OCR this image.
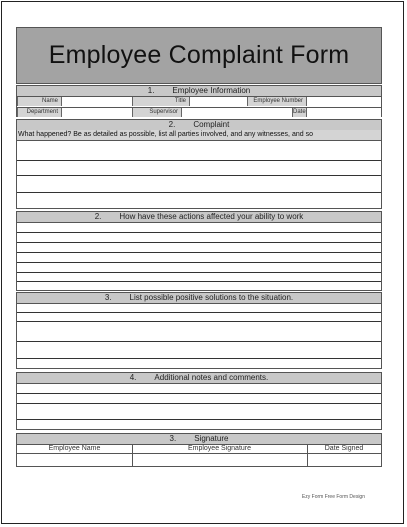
Employee Complaint Form
1. Employee Information
Name	Title	Employee Number
Department	Supervisor	Date
2. Complaint
What happened? Be as detailed as possible, list all parties involved, and any witnesses, and so
2. How have these actions affected your ability to work
3. List possible positive solutions to the situation.
4. Additional notes and comments.
3. Signature
Employee Name	Employee Signature	Date Signed
Ezy Form Free Form Design
